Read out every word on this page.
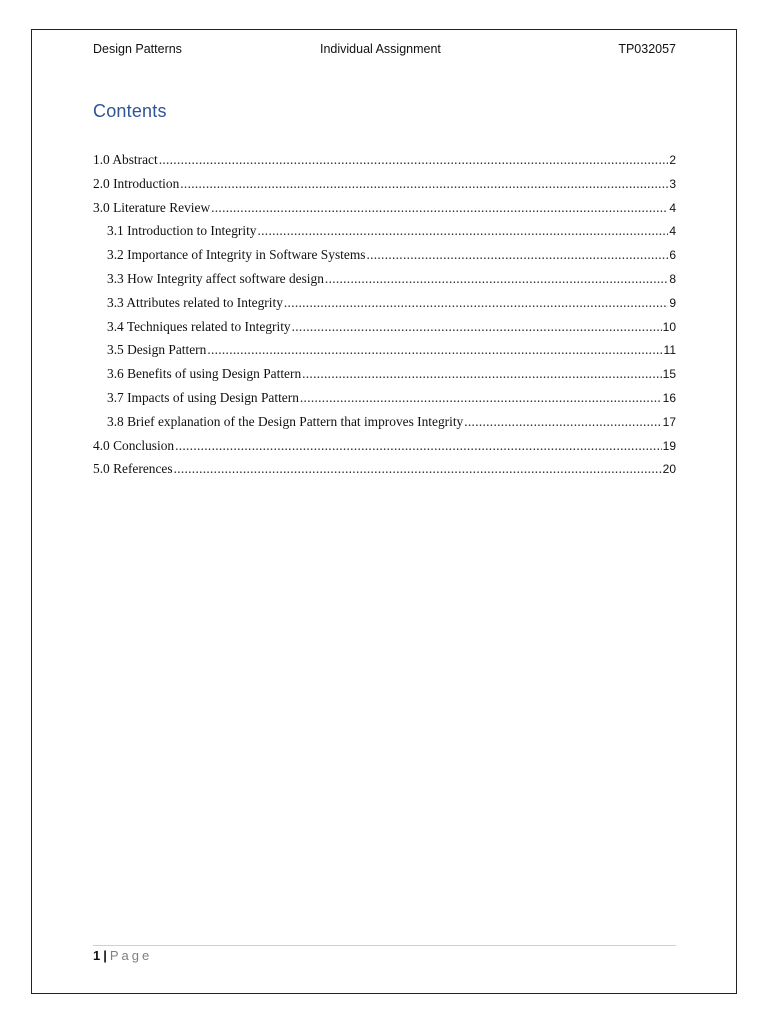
Design Patterns	Individual Assignment	TP032057
Contents
1.0 Abstract .....	2
2.0 Introduction .....	3
3.0 Literature Review .....	4
3.1 Introduction to Integrity .....	4
3.2 Importance of Integrity in Software Systems .....	6
3.3 How Integrity affect software design .....	8
3.3 Attributes related to Integrity .....	9
3.4 Techniques related to Integrity .....	10
3.5 Design Pattern .....	11
3.6 Benefits of using Design Pattern .....	15
3.7 Impacts of using Design Pattern .....	16
3.8 Brief explanation of the Design Pattern that improves Integrity .....	17
4.0 Conclusion .....	19
5.0 References .....	20
1 | Page
